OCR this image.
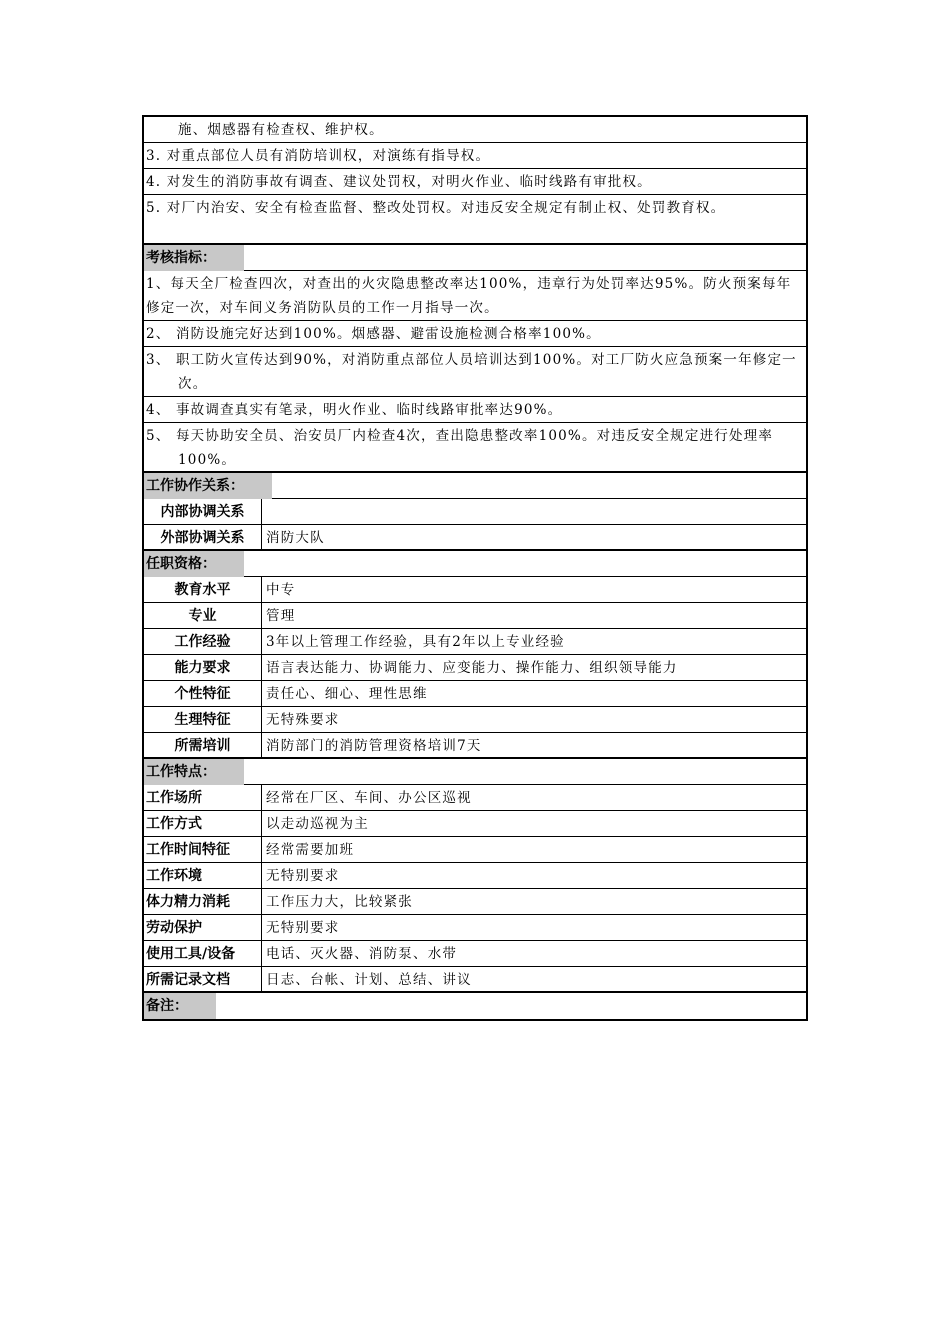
施、烟感器有检查权、维护权。
3. 对重点部位人员有消防培训权，对演练有指导权。
4. 对发生的消防事故有调查、建议处罚权，对明火作业、临时线路有审批权。
5. 对厂内治安、安全有检查监督、整改处罚权。对违反安全规定有制止权、处罚教育权。
考核指标：
1、每天全厂检查四次，对查出的火灾隐患整改率达100%，违章行为处罚率达95%。防火预案每年修定一次，对车间义务消防队员的工作一月指导一次。
2、 消防设施完好达到100%。烟感器、避雷设施检测合格率100%。
3、 职工防火宣传达到90%，对消防重点部位人员培训达到100%。对工厂防火应急预案一年修定一次。
4、 事故调查真实有笔录，明火作业、临时线路审批率达90%。
5、 每天协助安全员、治安员厂内检查4次，查出隐患整改率100%。对违反安全规定进行处理率100%。
工作协作关系：
内部协调关系
外部协调关系	消防大队
任职资格：
教育水平	中专
专业	管理
工作经验	3年以上管理工作经验，具有2年以上专业经验
能力要求	语言表达能力、协调能力、应变能力、操作能力、组织领导能力
个性特征	责任心、细心、理性思维
生理特征	无特殊要求
所需培训	消防部门的消防管理资格培训7天
工作特点：
工作场所	经常在厂区、车间、办公区巡视
工作方式	以走动巡视为主
工作时间特征	经常需要加班
工作环境	无特别要求
体力精力消耗	工作压力大，比较紧张
劳动保护	无特别要求
使用工具/设备	电话、灭火器、消防泵、水带
所需记录文档	日志、台帐、计划、总结、讲议
备注：
